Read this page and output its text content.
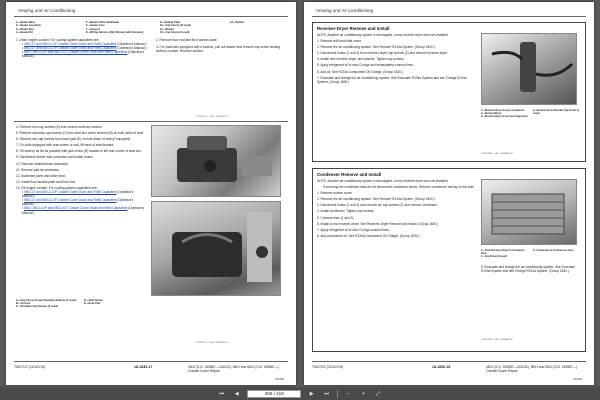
Heating and Air Conditioning
1—Heater Base
2—Heater Assembly
3—Heater Box
4—Gasket Kit
5—Blower Motor Bulkhead
6—Heater Core
7—Support
8—Wiring Harness (Not Shown) with Grommet
9—Sealing Plate
10—Cap Screw (10 used)
11—Blower
12—Cap Screw (2 used)
13—Switch
1. Drain engine coolant. For cooling system capacities see:
• 450J-LT and 450J-LGP Crawler Dozer Drain and Refill Capacities (Operator's Manual.)
• 550J-LT and 550J-LGP Crawler Dozer Drain and Refill Capacities (Operator's Manual.)
• 650J, 650J-LGP and 650J-XLT Crawler Dozer Drain and Refill Capacities (Operator's Manual.)
2. Remove floor mat and floor access plate.
3. For machines equipped with a toolbox, pull out drawer and remove cap screw holding toolbox in place. Remove toolbox.
TX1020771 —UN—11NOV05 LD
4. Remove four cap screws (A) from around seat box bottom.
5. Remove shoulder cap screws (C) from seat box under armrest (B) on both sides of seat.
6. Remove two cap screws from lower pad (E) on both sides of seat (if equipped).
7. On units equipped with rear screen or cab, lift back of seat forward.
8. Tilt seat up as far as possible with jack screw (D) located in left rear corner of seat box.
9. Disconnect blower wire connector and heater hoses.
10. Remove heater/blower assembly.
11. Remove part as necessary.
12. Assemble parts and lower seat.
13. Install floor access plate and floor mat.
14. Fill engine coolant. For cooling system capacities see:
• 450J-LT and 450J-LGP Crawler Dozer Drain and Refill Capacities (Operator's Manual.)
• 550J-LT and 550J-LGP Crawler Dozer Drain and Refill Capacities (Operator's Manual.)
• 650J, 650J-LGP and 650J-XLT Crawler Dozer Drain and Refill Capacities (Operator's Manual.)
A—Cap Screw Around Seat Box Bottom (4 used)
B—Armrest
C—Shoulder Cap Screws (2 used)
D—Jack Screw
E—Knee Pad
TX1020771 —UN—01NOV05 LD
TM10722 (11NOV15)	18-1830-17	450J (S.N. 159887—216242), 550J and 650J (S.N. 159887—) Crawler Dozer Repair
PN=303
Heating and Air Conditioning
Receiver-Dryer Remove and Install
NOTE: Anytime air conditioning system is discharged, a new receiver-dryer must be installed.
1. Remove left hand side cover.
2. Recover the air conditioning system. See Recover R134a System. (Group 1830.)
3. Disconnect hoses (1 and 3) from receiver-dryer cap screws (2) and remove receiver-dryer.
4. Install new receiver-dryer, and bracket. Tighten cap screws.
5. Apply refrigerant oil to new O-rings and immediately connect lines.
6. Add oil. See R134a Component Oil Charge. (Group 1830.)
7. Evacuate and charge the air conditioning system. See Evacuate R134a System and see Charge R134a System. (Group 1830.)
1—Receiver-Dryer Hose-to-Condenser
2—Receiver/Dryer
3—Receiver-Dryer Hose-from-Evaporator
4—Receiver-Dryer Bracket Cap Screw (4 used)
TX1021104 —UN—19JUN05 LD
Condenser Remove and Install
NOTE: Anytime air conditioning system is discharged, a new receiver-dryer must be installed.
If servicing the condenser fans do not disconnect condenser hoses. Remove condenser and lay to the side.
1. Remove bottom cover.
2. Recover the air conditioning system. See Recover R134a System. (Group 1830.)
3. Disconnect hoses (1 and 3) and remove six cap screws (2) and remove condenser.
4. Install condenser. Tighten cap screws.
5. Connect lines (1 and 3).
6. Install a new receiver-dryer. See Receiver-Dryer Remove and Install. (Group 1830.)
7. Apply refrigerant oil to new O-rings connect lines.
8. Add component oil. See R134a Component Oil Charge. (Group 1830.)
1—From Receiver-Dryer-to-Condenser Hose
2—Cap Screw (6 used)
3—Condenser-to-Compressor Hose
9. Evacuate and charge the air conditioning system. See Evacuate R134a System and see Charge R134a System. (Group 1830.)
TX1021105 —UN—19JUN05 LD
TM10722 (11NOV15)	18-1830-18	450J (S.N. 159887—216242), 550J and 650J (S.N. 159887—) Crawler Dozer Repair
PN=304
⏮	◀	305 / 418	▶	⏭	−	+	⤢
